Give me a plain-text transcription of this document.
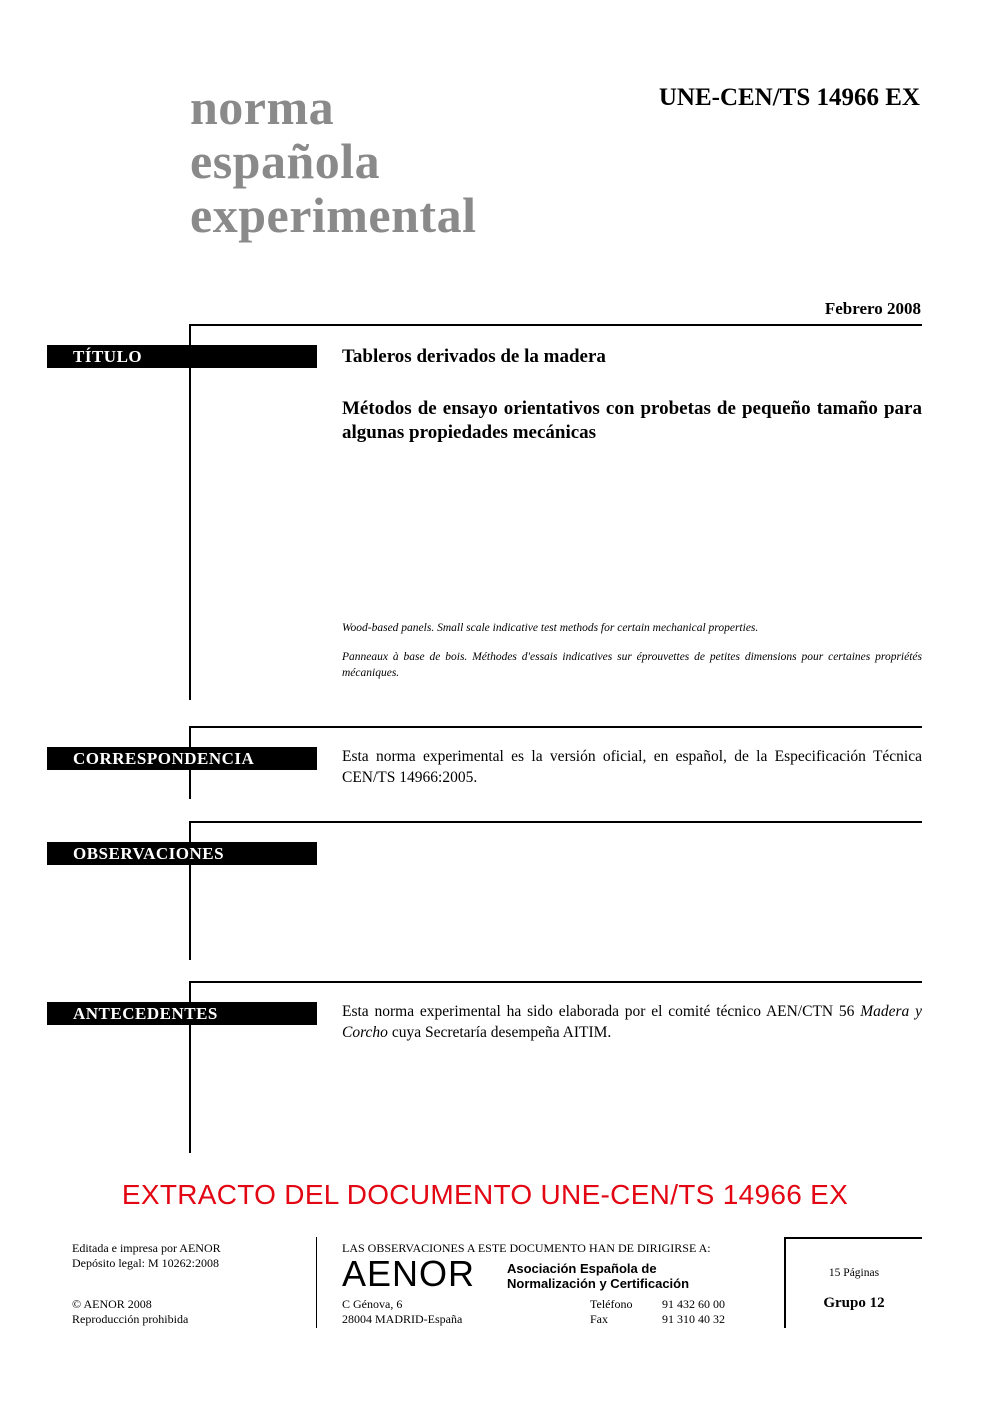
norma
española
experimental
UNE-CEN/TS 14966 EX
Febrero 2008
TÍTULO	Tableros derivados de la madera
Métodos de ensayo orientativos con probetas de pequeño tamaño para algunas propiedades mecánicas
Wood-based panels. Small scale indicative test methods for certain mechanical properties.
Panneaux à base de bois. Méthodes d'essais indicatives sur éprouvettes de petites dimensions pour certaines propriétés mécaniques.
CORRESPONDENCIA	Esta norma experimental es la versión oficial, en español, de la Especificación Técnica CEN/TS 14966:2005.
OBSERVACIONES
ANTECEDENTES	Esta norma experimental ha sido elaborada por el comité técnico AEN/CTN 56 Madera y Corcho cuya Secretaría desempeña AITIM.
EXTRACTO DEL DOCUMENTO UNE-CEN/TS 14966 EX
Editada e impresa por AENOR
Depósito legal: M 10262:2008
© AENOR 2008
Reproducción prohibida
LAS OBSERVACIONES A ESTE DOCUMENTO HAN DE DIRIGIRSE A:
AENOR Asociación Española de
Normalización y Certificación
C Génova, 6
28004 MADRID-España
Teléfono 91 432 60 00
Fax	91 310 40 32
15 Páginas
Grupo 12
